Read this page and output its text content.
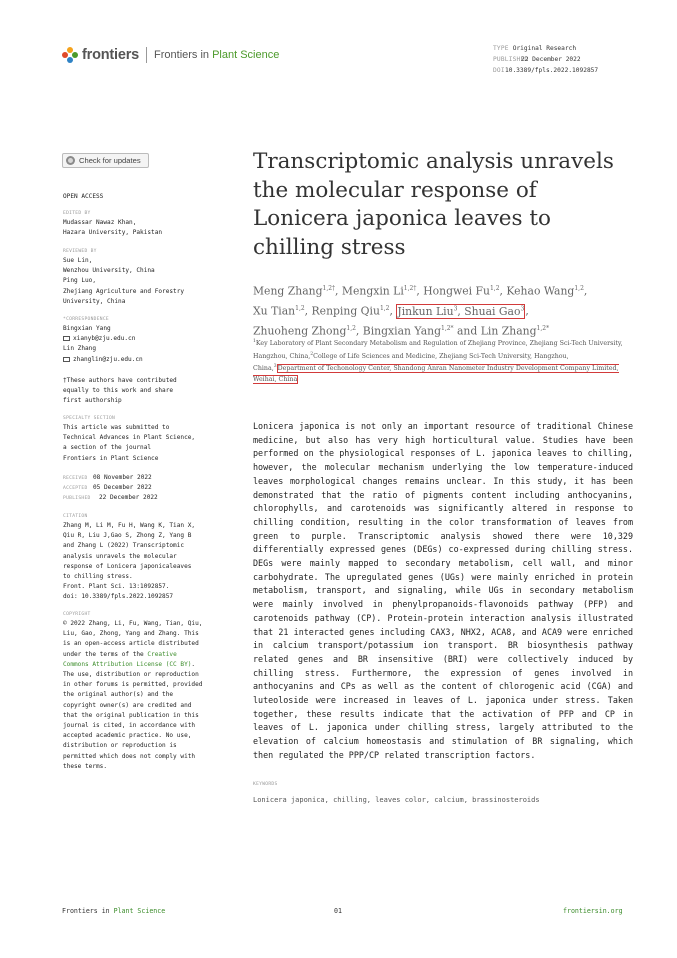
frontiers Frontiers in Plant Science
TYPE Original Research
PUBLISHED22 December 2022
DOI10.3389/fpls.2022.1092857
Check for updates
OPEN ACCESS
EDITED BY
Mudassar Nawaz Khan,
Hazara University, Pakistan
REVIEWED BY
Sue Lin,
Wenzhou University, China
Ping Luo,
Zhejiang Agriculture and Forestry
University, China
*CORRESPONDENCE
Bingxian Yang
xianyb@zju.edu.cn
Lin Zhang
zhanglin@zju.edu.cn
†These authors have contributed
equally to this work and share
first authorship
SPECIALTY SECTION
This article was submitted to
Technical Advances in Plant Science,
a section of the journal
Frontiers in Plant Science
RECEIVED 08 November 2022
ACCEPTED 05 December 2022
PUBLISHED 22 December 2022
CITATION
Zhang M, Li M, Fu H, Wang K, Tian X,
Qiu R, Liu J,Gao S, Zhong Z, Yang B
and Zhang L (2022) Transcriptomic
analysis unravels the molecular
response of Lonicera japonicaleaves
to chilling stress.
Front. Plant Sci. 13:1092857.
doi: 10.3389/fpls.2022.1092857
COPYRIGHT
© 2022 Zhang, Li, Fu, Wang, Tian, Qiu,
Liu, Gao, Zhong, Yang and Zhang. This
is an open-access article distributed
under the terms of the Creative
Commons Attribution License (CC BY).
The use, distribution or reproduction
in other forums is permitted, provided
the original author(s) and the
copyright owner(s) are credited and
that the original publication in this
journal is cited, in accordance with
accepted academic practice. No use,
distribution or reproduction is
permitted which does not comply with
these terms.
Transcriptomic analysis unravels
the molecular response of
Lonicera japonica leaves to
chilling stress
Meng Zhang$^{1,2\dagger}$, Mengxin $Li^{1,2\dagger}$, Hongwei Fu$^{1,2}$, Kehao Wang$^{1,2}$,
Xu Tian$^{1,2}$, Renping Qiu$^{1,2}$, Jinkun Liu$^3$, Shuai Gao$^3$,
Zhuoheng Zhong$^{1,2}$, Bingxian Yang$^{1,2*}$ and Lin Zhang$^{1,2*}$
$^1$Key Laboratory of Plant Secondary Metabolism and Regulation of Zhejiang Province, Zhejiang Sci-Tech University, Hangzhou, China,$^2$College of Life Sciences and Medicine, Zhejiang Sci-Tech University, Hangzhou, China,$^3$Department of Techonology Center, Shandong Anran Nanometer Industry Development Company Limited, Weihai, China
Lonicera japonica is not only an important resource of traditional Chinese medicine, but also has very high horticultural value. Studies have been performed on the physiological responses of L. japonica leaves to chilling, however, the molecular mechanism underlying the low temperature-induced leaves morphological changes remains unclear. In this study, it has been demonstrated that the ratio of pigments content including anthocyanins, chlorophylls, and carotenoids was significantly altered in response to chilling condition, resulting in the color transformation of leaves from green to purple. Transcriptomic analysis showed there were 10,329 differentially expressed genes (DEGs) co-expressed during chilling stress. DEGs were mainly mapped to secondary metabolism, cell wall, and minor carbohydrate. The upregulated genes (UGs) were mainly enriched in protein metabolism, transport, and signaling, while UGs in secondary metabolism were mainly involved in phenylpropanoids-flavonoids pathway (PFP) and carotenoids pathway (CP). Protein-protein interaction analysis illustrated that 21 interacted genes including CAX3, NHX2, ACA8, and ACA9 were enriched in calcium transport/potassium ion transport. BR biosynthesis pathway related genes and BR insensitive (BRI) were collectively induced by chilling stress. Furthermore, the expression of genes involved in anthocyanins and CPs as well as the content of chlorogenic acid (CGA) and luteoloside were increased in leaves of L. japonica under stress. Taken together, these results indicate that the activation of PFP and CP in leaves of L. japonica under chilling stress, largely attributed to the elevation of calcium homeostasis and stimulation of BR signaling, which then regulated the PPP/CP related transcription factors.
KEYWORDS
Lonicera japonica, chilling, leaves color, calcium, brassinosteroids
Frontiers in Plant Science	01	frontiersin.org
